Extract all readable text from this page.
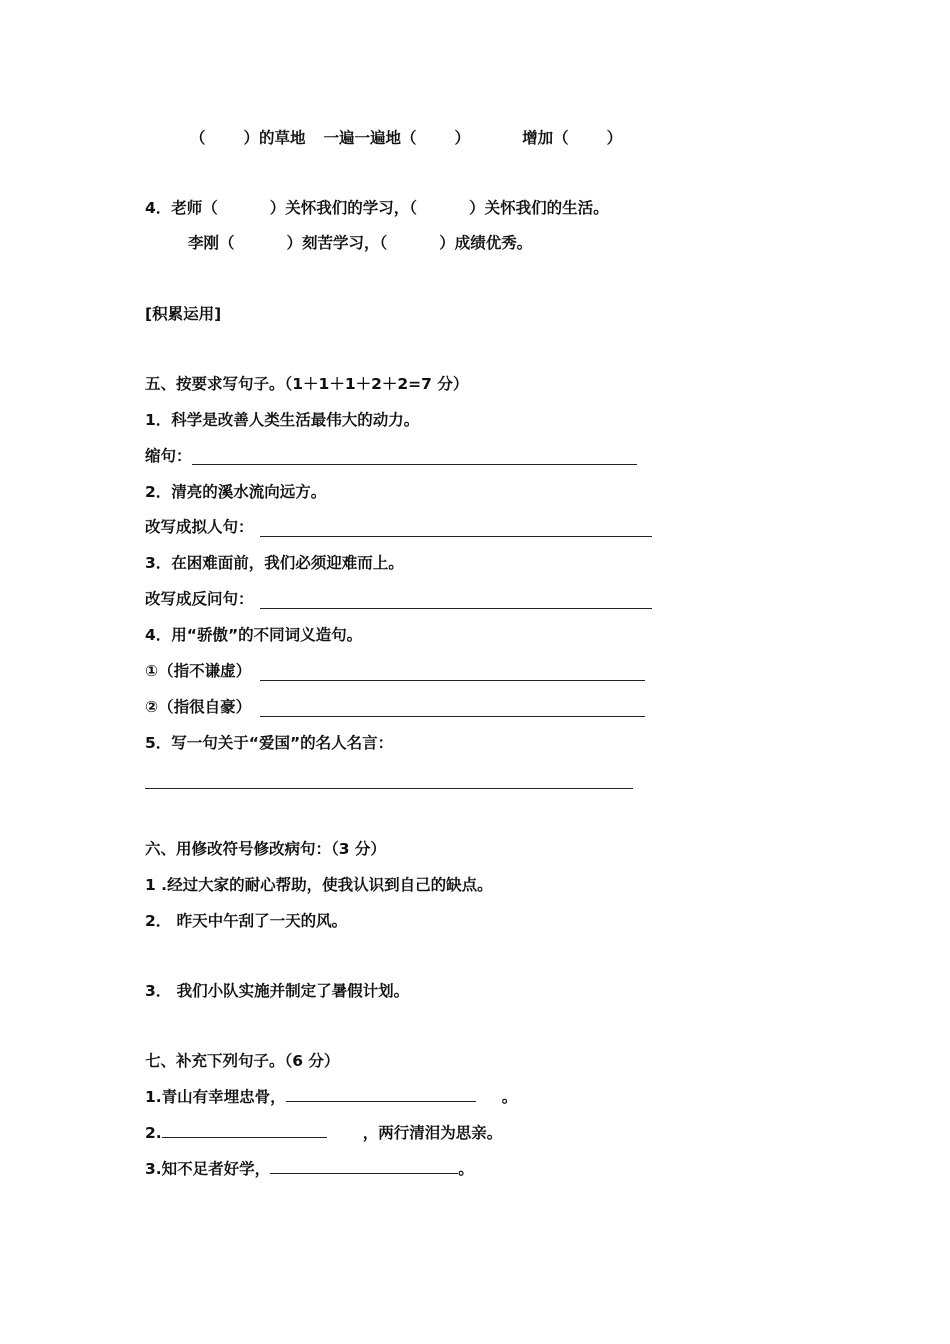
（ ）的草地 一遍一遍地（ ）	增加（ ）
4．老师（	）关怀我们的学习，（	）关怀我们的生活。
李刚（	）刻苦学习，（	）成绩优秀。
[积累运用]
五、按要求写句子。（1＋1＋1＋2＋2=7 分）
1．科学是改善人类生活最伟大的动力。
缩句：
2．清亮的溪水流向远方。
改写成拟人句：
3．在困难面前，我们必须迎难而上。
改写成反问句：
4．用“骄傲”的不同词义造句。
①（指不谦虚）
②（指很自豪）
5．写一句关于“爱国”的名人名言：
六、用修改符号修改病句：（3 分）
1 .经过大家的耐心帮助，使我认识到自己的缺点。
2． 昨天中午刮了一天的风。
3． 我们小队实施并制定了暑假计划。
七、补充下列句子。（6 分）
1.青山有幸埋忠骨，	。
2.	，两行清泪为思亲。
3.知不足者好学，	。
